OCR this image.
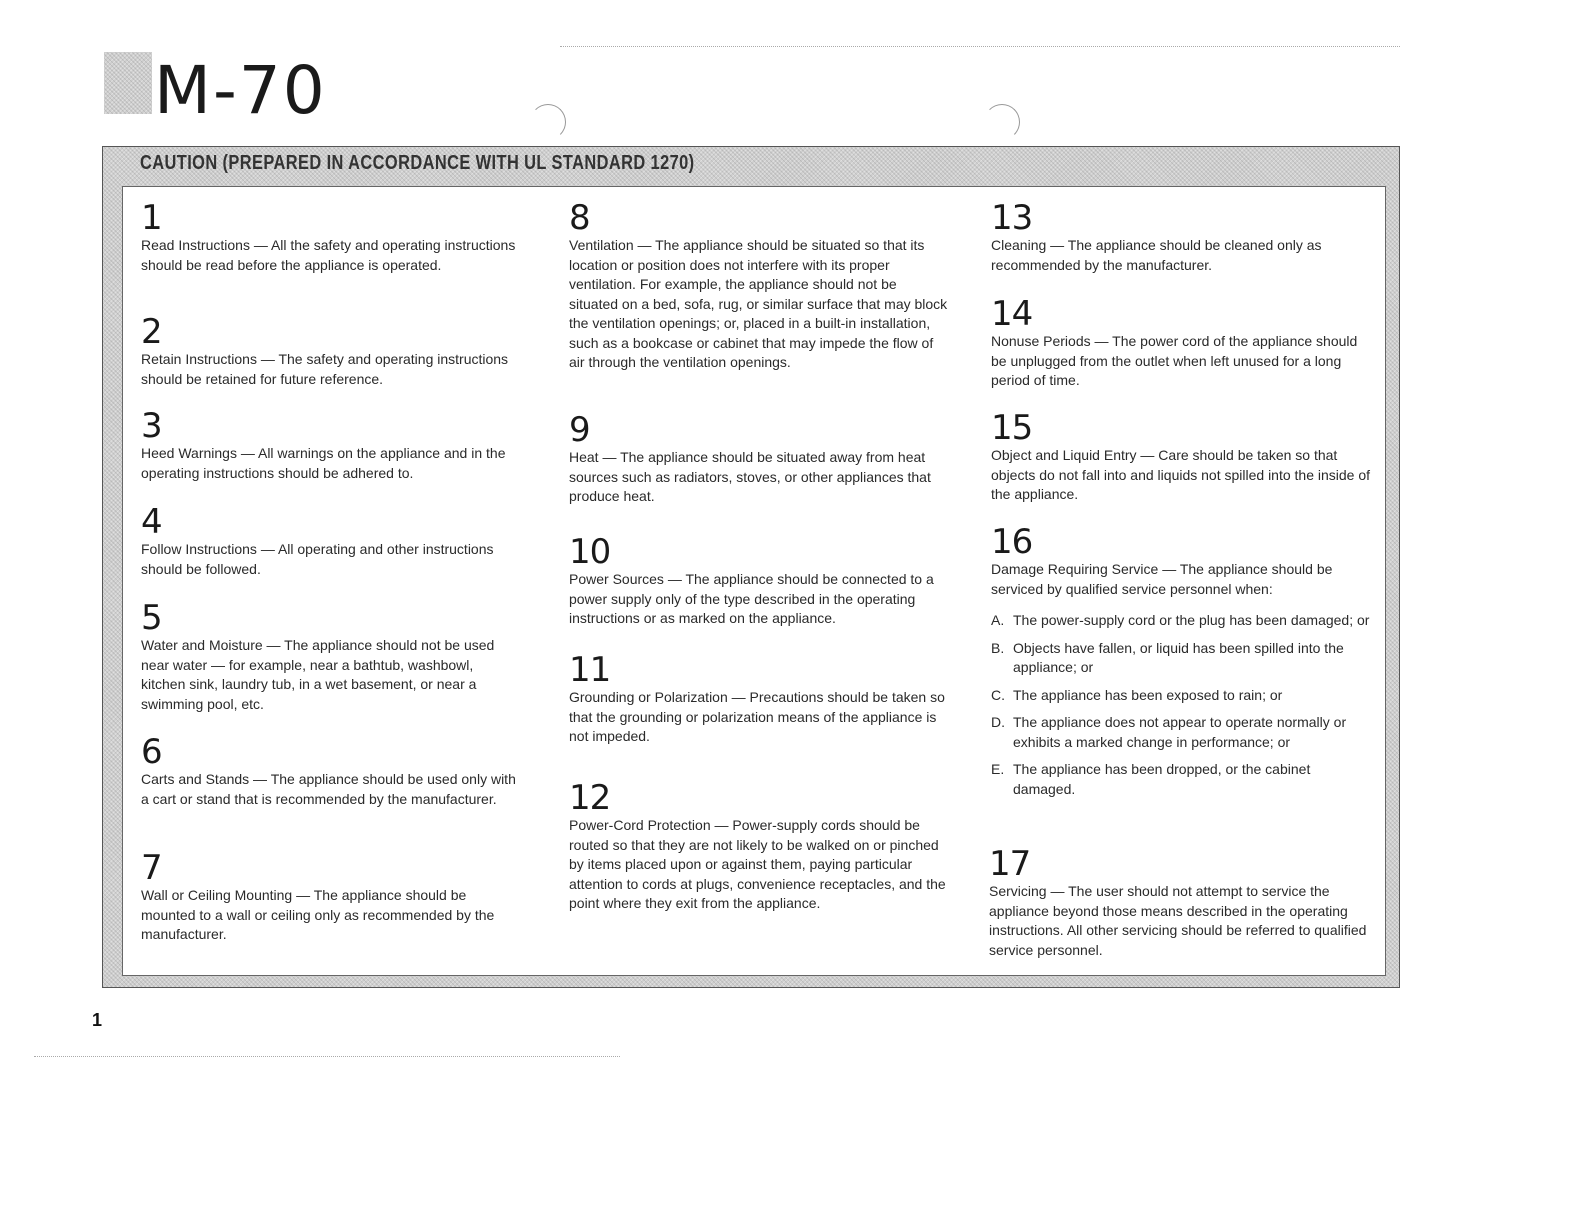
M-70
CAUTION (PREPARED IN ACCORDANCE WITH UL STANDARD 1270)
1
Read Instructions — All the safety and operating instructions should be read before the appliance is operated.
2
Retain Instructions — The safety and operating instructions should be retained for future reference.
3
Heed Warnings — All warnings on the appliance and in the operating instructions should be adhered to.
4
Follow Instructions — All operating and other instructions should be followed.
5
Water and Moisture — The appliance should not be used near water — for example, near a bathtub, washbowl, kitchen sink, laundry tub, in a wet basement, or near a swimming pool, etc.
6
Carts and Stands — The appliance should be used only with a cart or stand that is recommended by the manufacturer.
7
Wall or Ceiling Mounting — The appliance should be mounted to a wall or ceiling only as recommended by the manufacturer.
8
Ventilation — The appliance should be situated so that its location or position does not interfere with its proper ventilation. For example, the appliance should not be situated on a bed, sofa, rug, or similar surface that may block the ventilation openings; or, placed in a built-in installation, such as a bookcase or cabinet that may impede the flow of air through the ventilation openings.
9
Heat — The appliance should be situated away from heat sources such as radiators, stoves, or other appliances that produce heat.
10
Power Sources — The appliance should be connected to a power supply only of the type described in the operating instructions or as marked on the appliance.
11
Grounding or Polarization — Precautions should be taken so that the grounding or polarization means of the appliance is not impeded.
12
Power-Cord Protection — Power-supply cords should be routed so that they are not likely to be walked on or pinched by items placed upon or against them, paying particular attention to cords at plugs, convenience receptacles, and the point where they exit from the appliance.
13
Cleaning — The appliance should be cleaned only as recommended by the manufacturer.
14
Nonuse Periods — The power cord of the appliance should be unplugged from the outlet when left unused for a long period of time.
15
Object and Liquid Entry — Care should be taken so that objects do not fall into and liquids not spilled into the inside of the appliance.
16
Damage Requiring Service — The appliance should be serviced by qualified service personnel when:
A. The power-supply cord or the plug has been damaged; or
B. Objects have fallen, or liquid has been spilled into the appliance; or
C. The appliance has been exposed to rain; or
D. The appliance does not appear to operate normally or exhibits a marked change in performance; or
E. The appliance has been dropped, or the cabinet damaged.
17
Servicing — The user should not attempt to service the appliance beyond those means described in the operating instructions. All other servicing should be referred to qualified service personnel.
1
